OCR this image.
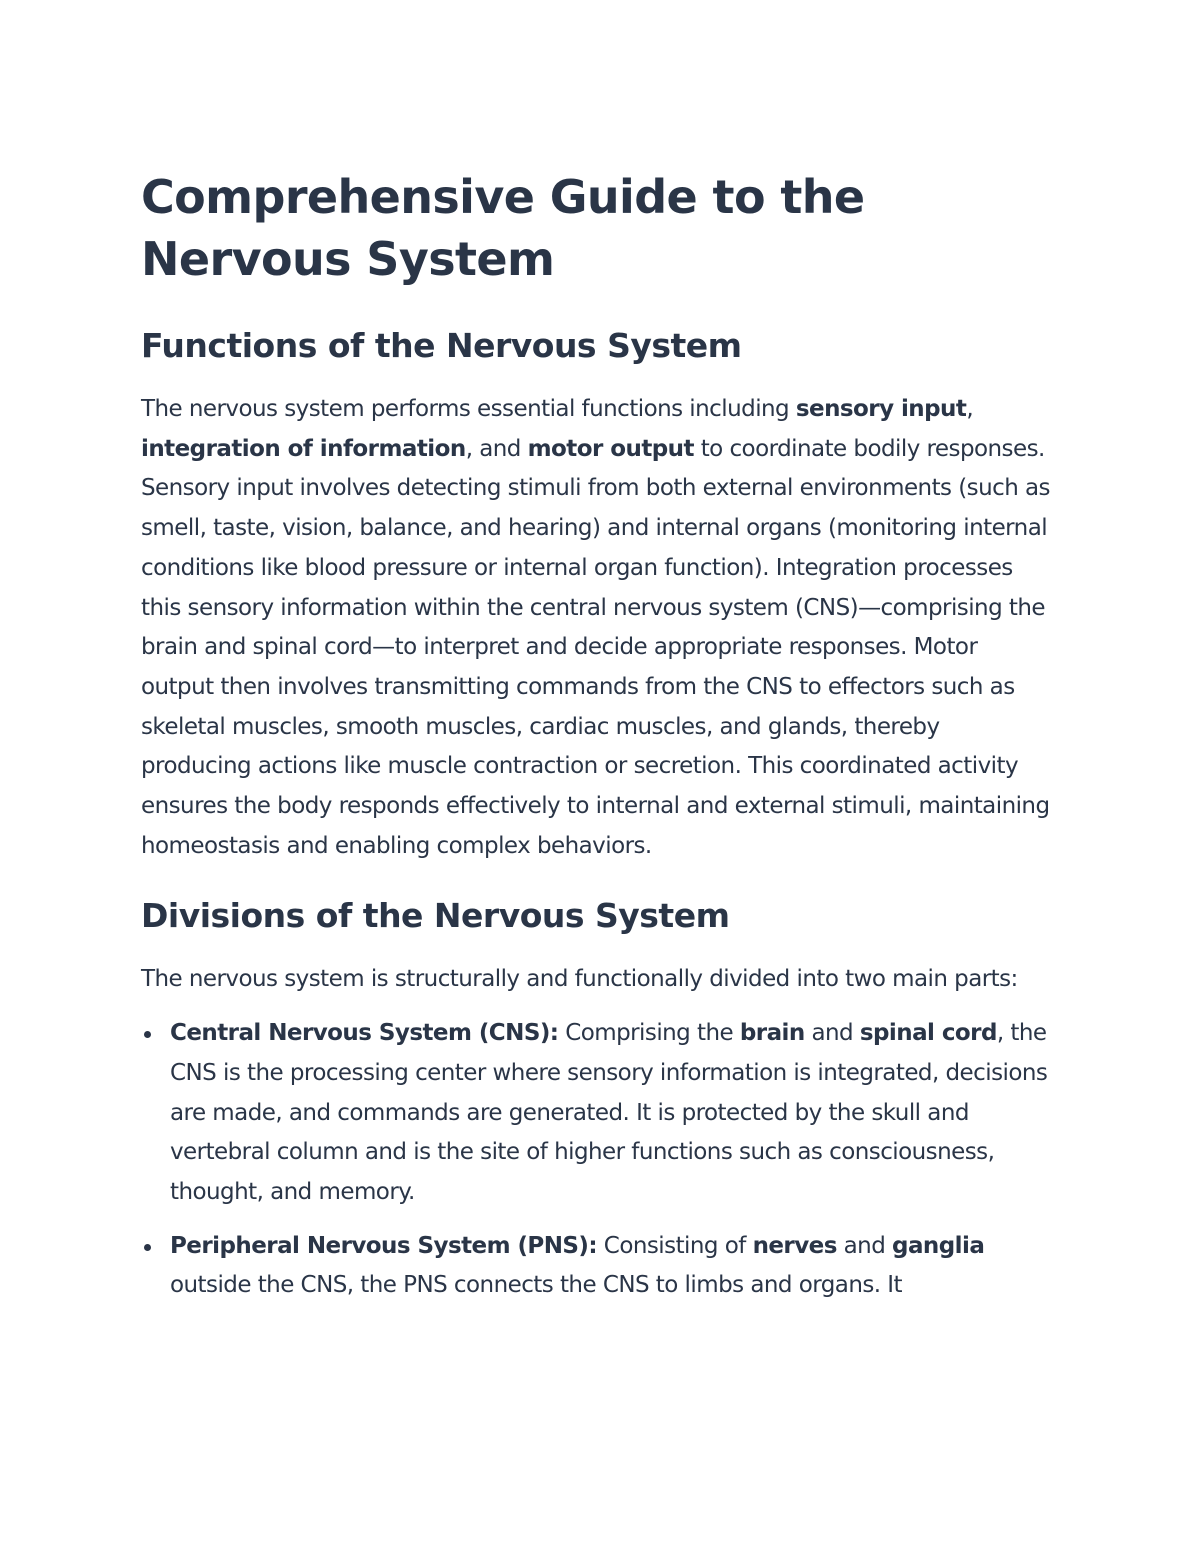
Comprehensive Guide to the Nervous System
Functions of the Nervous System

The nervous system performs essential functions including sensory input, integration of information, and motor output to coordinate bodily responses. Sensory input involves detecting stimuli from both external environments (such as smell, taste, vision, balance, and hearing) and internal organs (monitoring internal conditions like blood pressure or internal organ function). Integration processes this sensory information within the central nervous system (CNS)—comprising the brain and spinal cord—to interpret and decide appropriate responses. Motor output then involves transmitting commands from the CNS to effectors such as skeletal muscles, smooth muscles, cardiac muscles, and glands, thereby producing actions like muscle contraction or secretion. This coordinated activity ensures the body responds effectively to internal and external stimuli, maintaining homeostasis and enabling complex behaviors.

Divisions of the Nervous System

The nervous system is structurally and functionally divided into two main parts:

Central Nervous System (CNS): Comprising the brain and spinal cord, the CNS is the processing center where sensory information is integrated, decisions are made, and commands are generated. It is protected by the skull and vertebral column and is the site of higher functions such as consciousness, thought, and memory.
Peripheral Nervous System (PNS): Consisting of nerves and ganglia outside the CNS, the PNS connects the CNS to limbs and organs. It
